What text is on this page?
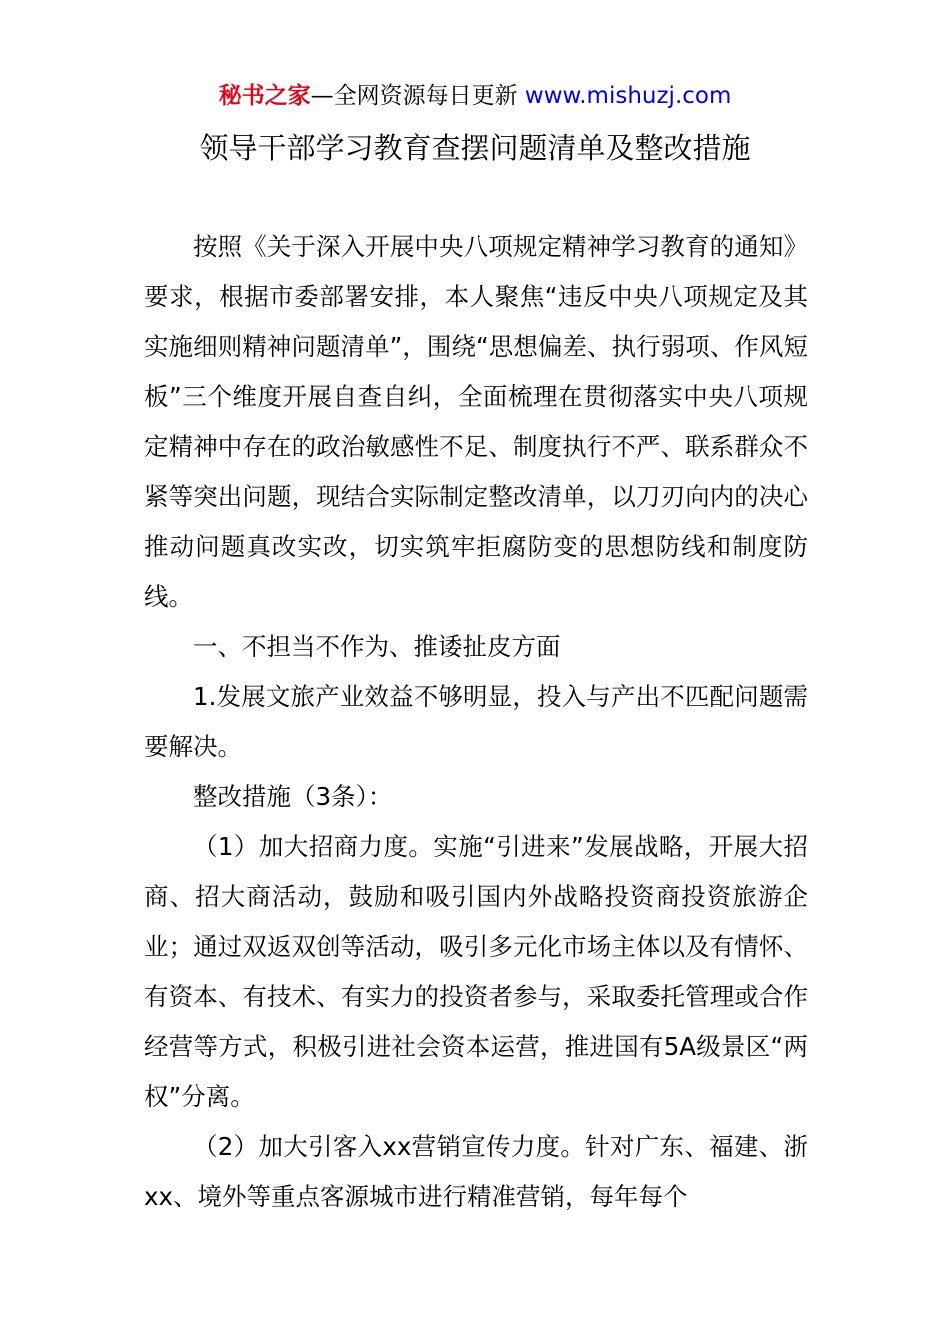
秘书之家—全网资源每日更新 www.mishuzj.com
领导干部学习教育查摆问题清单及整改措施

按照《关于深入开展中央八项规定精神学习教育的通知》要求，根据市委部署安排，本人聚焦“违反中央八项规定及其实施细则精神问题清单”，围绕“思想偏差、执行弱项、作风短板”三个维度开展自查自纠，全面梳理在贯彻落实中央八项规定精神中存在的政治敏感性不足、制度执行不严、联系群众不紧等突出问题，现结合实际制定整改清单，以刀刃向内的决心推动问题真改实改，切实筑牢拒腐防变的思想防线和制度防线。

一、不担当不作为、推诿扯皮方面

1.发展文旅产业效益不够明显，投入与产出不匹配问题需要解决。

整改措施（3条）：

（1）加大招商力度。实施“引进来”发展战略，开展大招商、招大商活动，鼓励和吸引国内外战略投资商投资旅游企业；通过双返双创等活动，吸引多元化市场主体以及有情怀、有资本、有技术、有实力的投资者参与，采取委托管理或合作经营等方式，积极引进社会资本运营，推进国有5A级景区“两权”分离。

（2）加大引客入xx营销宣传力度。针对广东、福建、浙xx、境外等重点客源城市进行精准营销，每年每个
